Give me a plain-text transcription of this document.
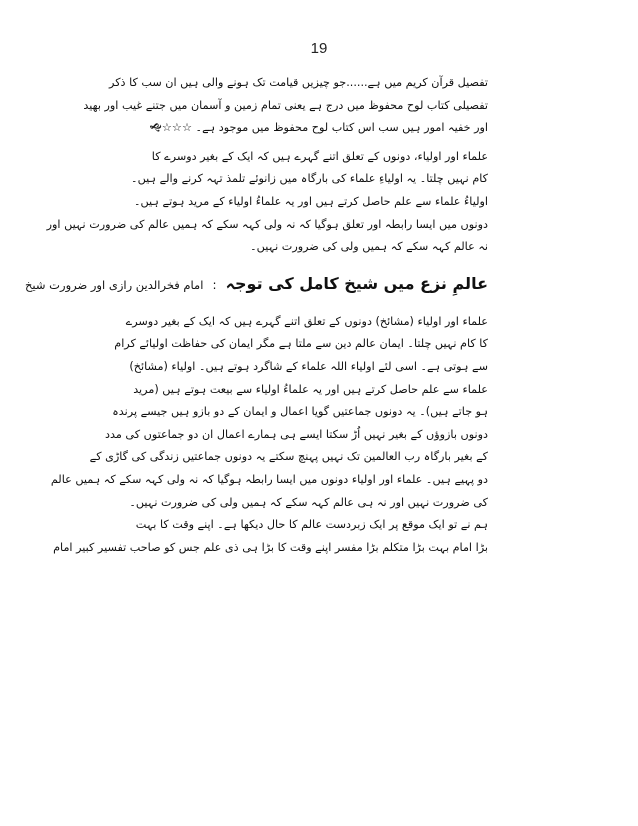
19
تفصیل قرآن کریم میں ہے......جو چیزیں قیامت تک ہونے والی ہیں ان سب کا ذکر
تفصیلی کتاب لوح محفوظ میں درج ہے یعنی تمام زمین و آسمان میں جتنے غیب اور بھید
اور خفیہ امور ہیں سب اس کتاب لوح محفوظ میں موجود ہے۔ ☆☆☆🙝
علماء اور اولیاء، دونوں کے تعلق اتنے گہرے ہیں کہ ایک کے بغیر دوسرے کا
کام نہیں چلتا۔ یہ اولیاءِ علماء کی بارگاہ میں زانوئے تلمذ تہہ کرنے والے ہیں۔
اولیاءُ علماء سے علم حاصل کرتے ہیں اور یہ علماءُ اولیاء کے مرید ہوتے ہیں۔
دونوں میں ایسا رابطہ اور تعلق ہوگیا کہ نہ ولی کہہ سکے کہ ہمیں عالم کی ضرورت نہیں اور
نہ عالم کہہ سکے کہ ہمیں ولی کی ضرورت نہیں۔
عالمِ نزع میں شیخ کامل کی توجہ : امام فخرالدین رازی اور ضرورت شیخ
علماء اور اولیاء (مشائخ) دونوں کے تعلق اتنے گہرے ہیں کہ ایک کے بغیر دوسرے
کا کام نہیں چلتا۔ ایمان عالم دین سے ملتا ہے مگر ایمان کی حفاظت اولیائے کرام
سے ہوتی ہے۔ اسی لئے اولیاء اللہ علماء کے شاگرد ہوتے ہیں۔ اولیاء (مشائخ)
علماء سے علم حاصل کرتے ہیں اور یہ علماءُ اولیاء سے بیعت ہوتے ہیں (مرید
ہو جاتے ہیں)۔ یہ دونوں جماعتیں گویا اعمال و ایمان کے دو بازو ہیں جیسے پرندہ
دونوں بازوؤں کے بغیر نہیں اُڑ سکتا ایسے ہی ہمارے اعمال ان دو جماعتوں کی مدد
کے بغیر بارگاہ رب العالمین تک نہیں پہنچ سکتے یہ دونوں جماعتیں زندگی کی گاڑی کے
دو پہیے ہیں۔ علماء اور اولیاء دونوں میں ایسا رابطہ ہوگیا کہ نہ ولی کہہ سکے کہ ہمیں عالم
کی ضرورت نہیں اور نہ ہی عالم کہہ سکے کہ ہمیں ولی کی ضرورت نہیں۔
ہم نے تو ایک موقع پر ایک زبردست عالم کا حال دیکھا ہے۔ اپنے وقت کا بہت
بڑا امام بہت بڑا متکلم بڑا مفسر اپنے وقت کا بڑا ہی ذی علم جس کو صاحب تفسیر کبیر امام
